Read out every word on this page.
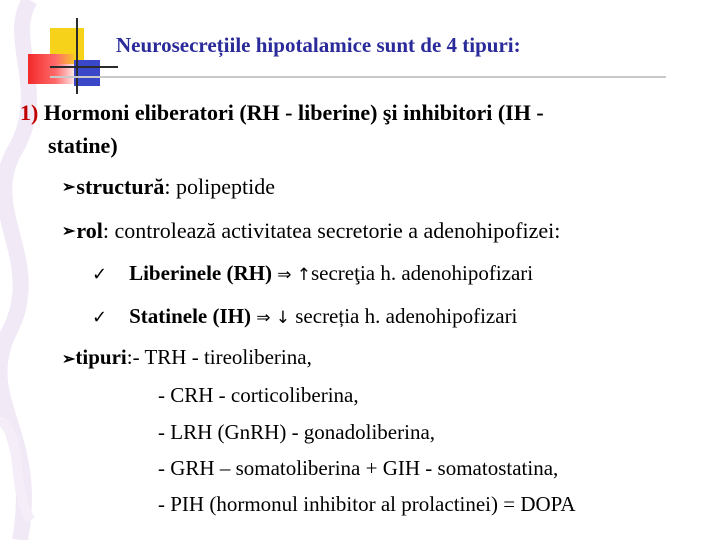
Neurosecrețiile hipotalamice sunt de 4 tipuri:
1) Hormoni eliberatori (RH - liberine) şi inhibitori (IH -
statine)
➢structură: polipeptide
➢rol: controlează activitatea secretorie a adenohipofizei:
✓ Liberinele (RH) ⇒ ↑secreţia h. adenohipofizari
✓ Statinele (IH) ⇒ ↓ secreția h. adenohipofizari
➢tipuri:- TRH - tireoliberina,
- CRH - corticoliberina,
- LRH (GnRH) - gonadoliberina,
- GRH – somatoliberina + GIH - somatostatina,
- PIH (hormonul inhibitor al prolactinei) = DOPA
